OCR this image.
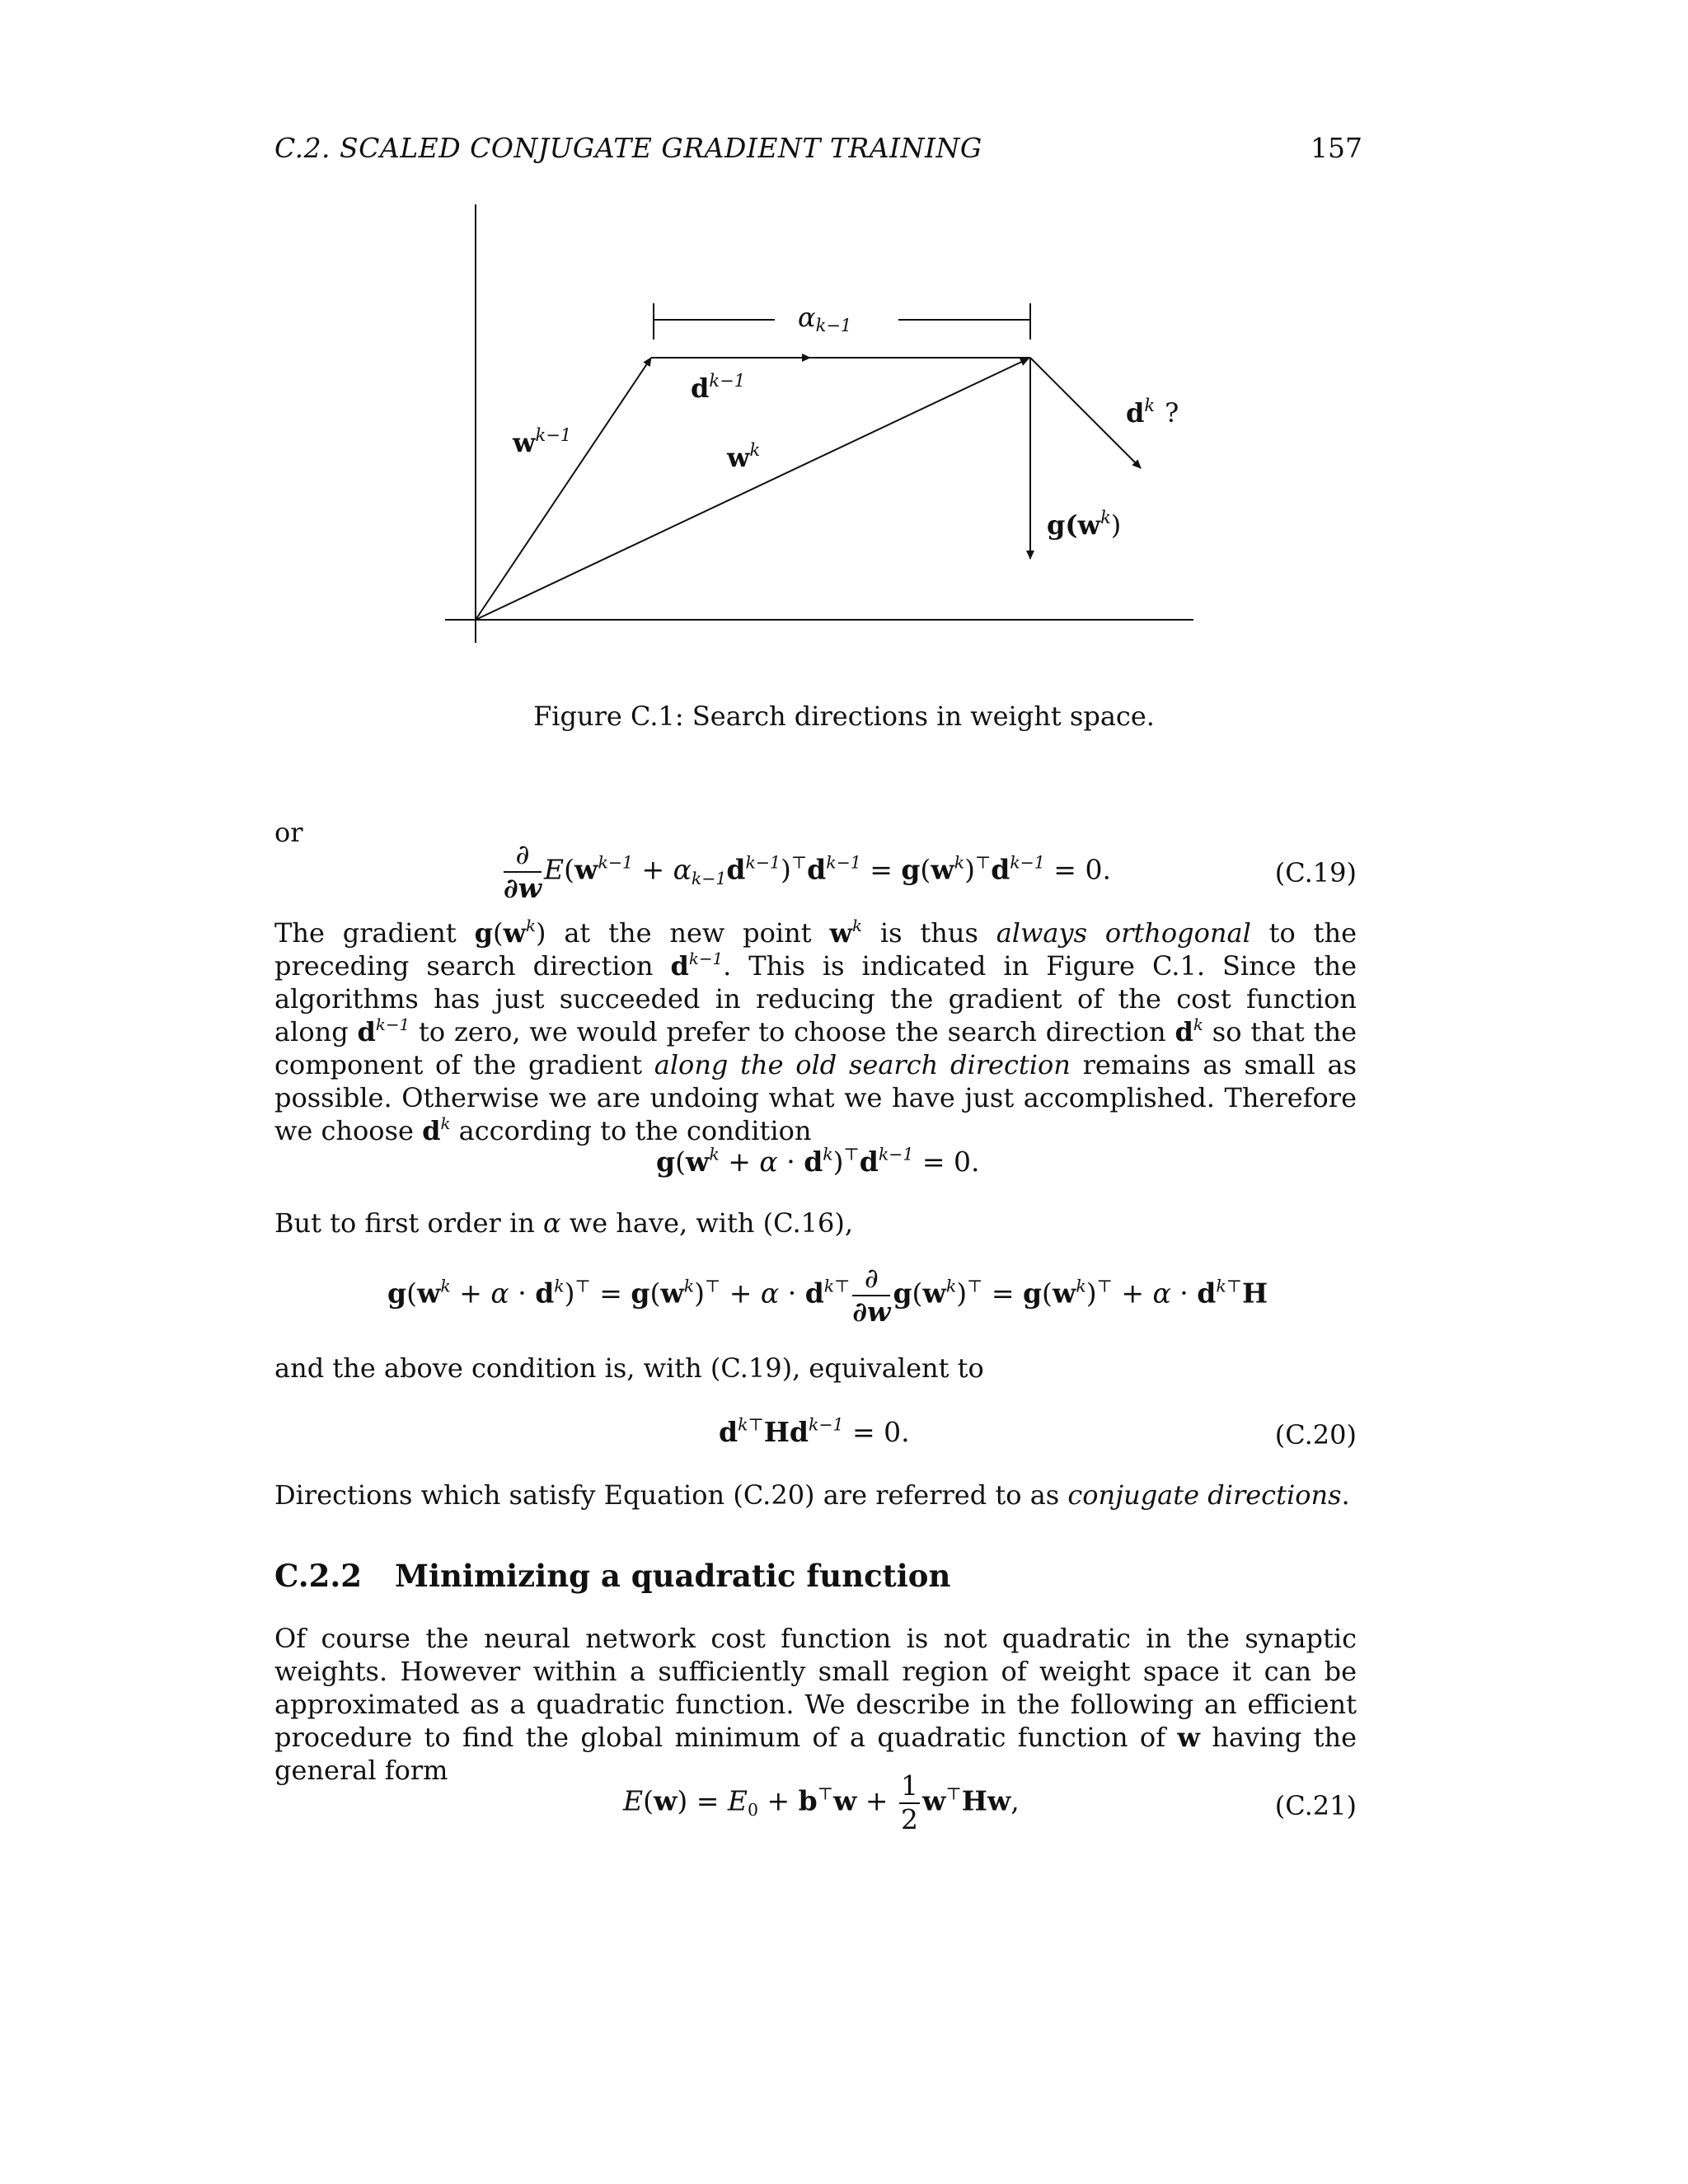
C.2. SCALED CONJUGATE GRADIENT TRAINING	157
αk−1
$d^{k-1}$
$w^{k-1}$
$w^k$
$d^k$ ?
$g(w^k)$
Figure C.1: Search directions in weight space.
or
$\frac{\partial}{\partial w} E(w^{k-1} + \alpha_{k-1}d^{k-1})^⊤d^{k-1} = g(w^k)^⊤d^{k-1} = 0$.	(C.19)
The gradient $g(w^k)$ at the new point $w^k$ is thus always orthogonal to the preceding search direction $d^{k-1}$. This is indicated in Figure C.1. Since the algorithms has just succeeded in reducing the gradient of the cost function along $d^{k-1}$ to zero, we would prefer to choose the search direction $d^k$ so that the component of the gradient along the old search direction remains as small as possible. Otherwise we are undoing what we have just accomplished. Therefore we choose $d^k$ according to the condition
$g(w^k + \alpha \cdot d^k)^⊤d^{k-1} = 0$.
But to first order in α we have, with (C.16),
$g(w^k + \alpha \cdot d^k)^⊤ = g(w^k)^⊤ + \alpha \cdot d^{k⊤} \frac{\partial}{\partial w} g(w^k)^⊤ = g(w^k)^⊤ + \alpha \cdot d^{k⊤}H$
and the above condition is, with (C.19), equivalent to
$d^{k⊤}Hd^{k-1} = 0$.	(C.20)
Directions which satisfy Equation (C.20) are referred to as conjugate directions.
C.2.2 Minimizing a quadratic function
Of course the neural network cost function is not quadratic in the synaptic weights. However within a sufficiently small region of weight space it can be approximated as a quadratic function. We describe in the following an efficient procedure to find the global minimum of a quadratic function of w having the general form
$E(w) = E_0 + b^⊤w + \frac{1}{2} w^⊤Hw$,	(C.21)
